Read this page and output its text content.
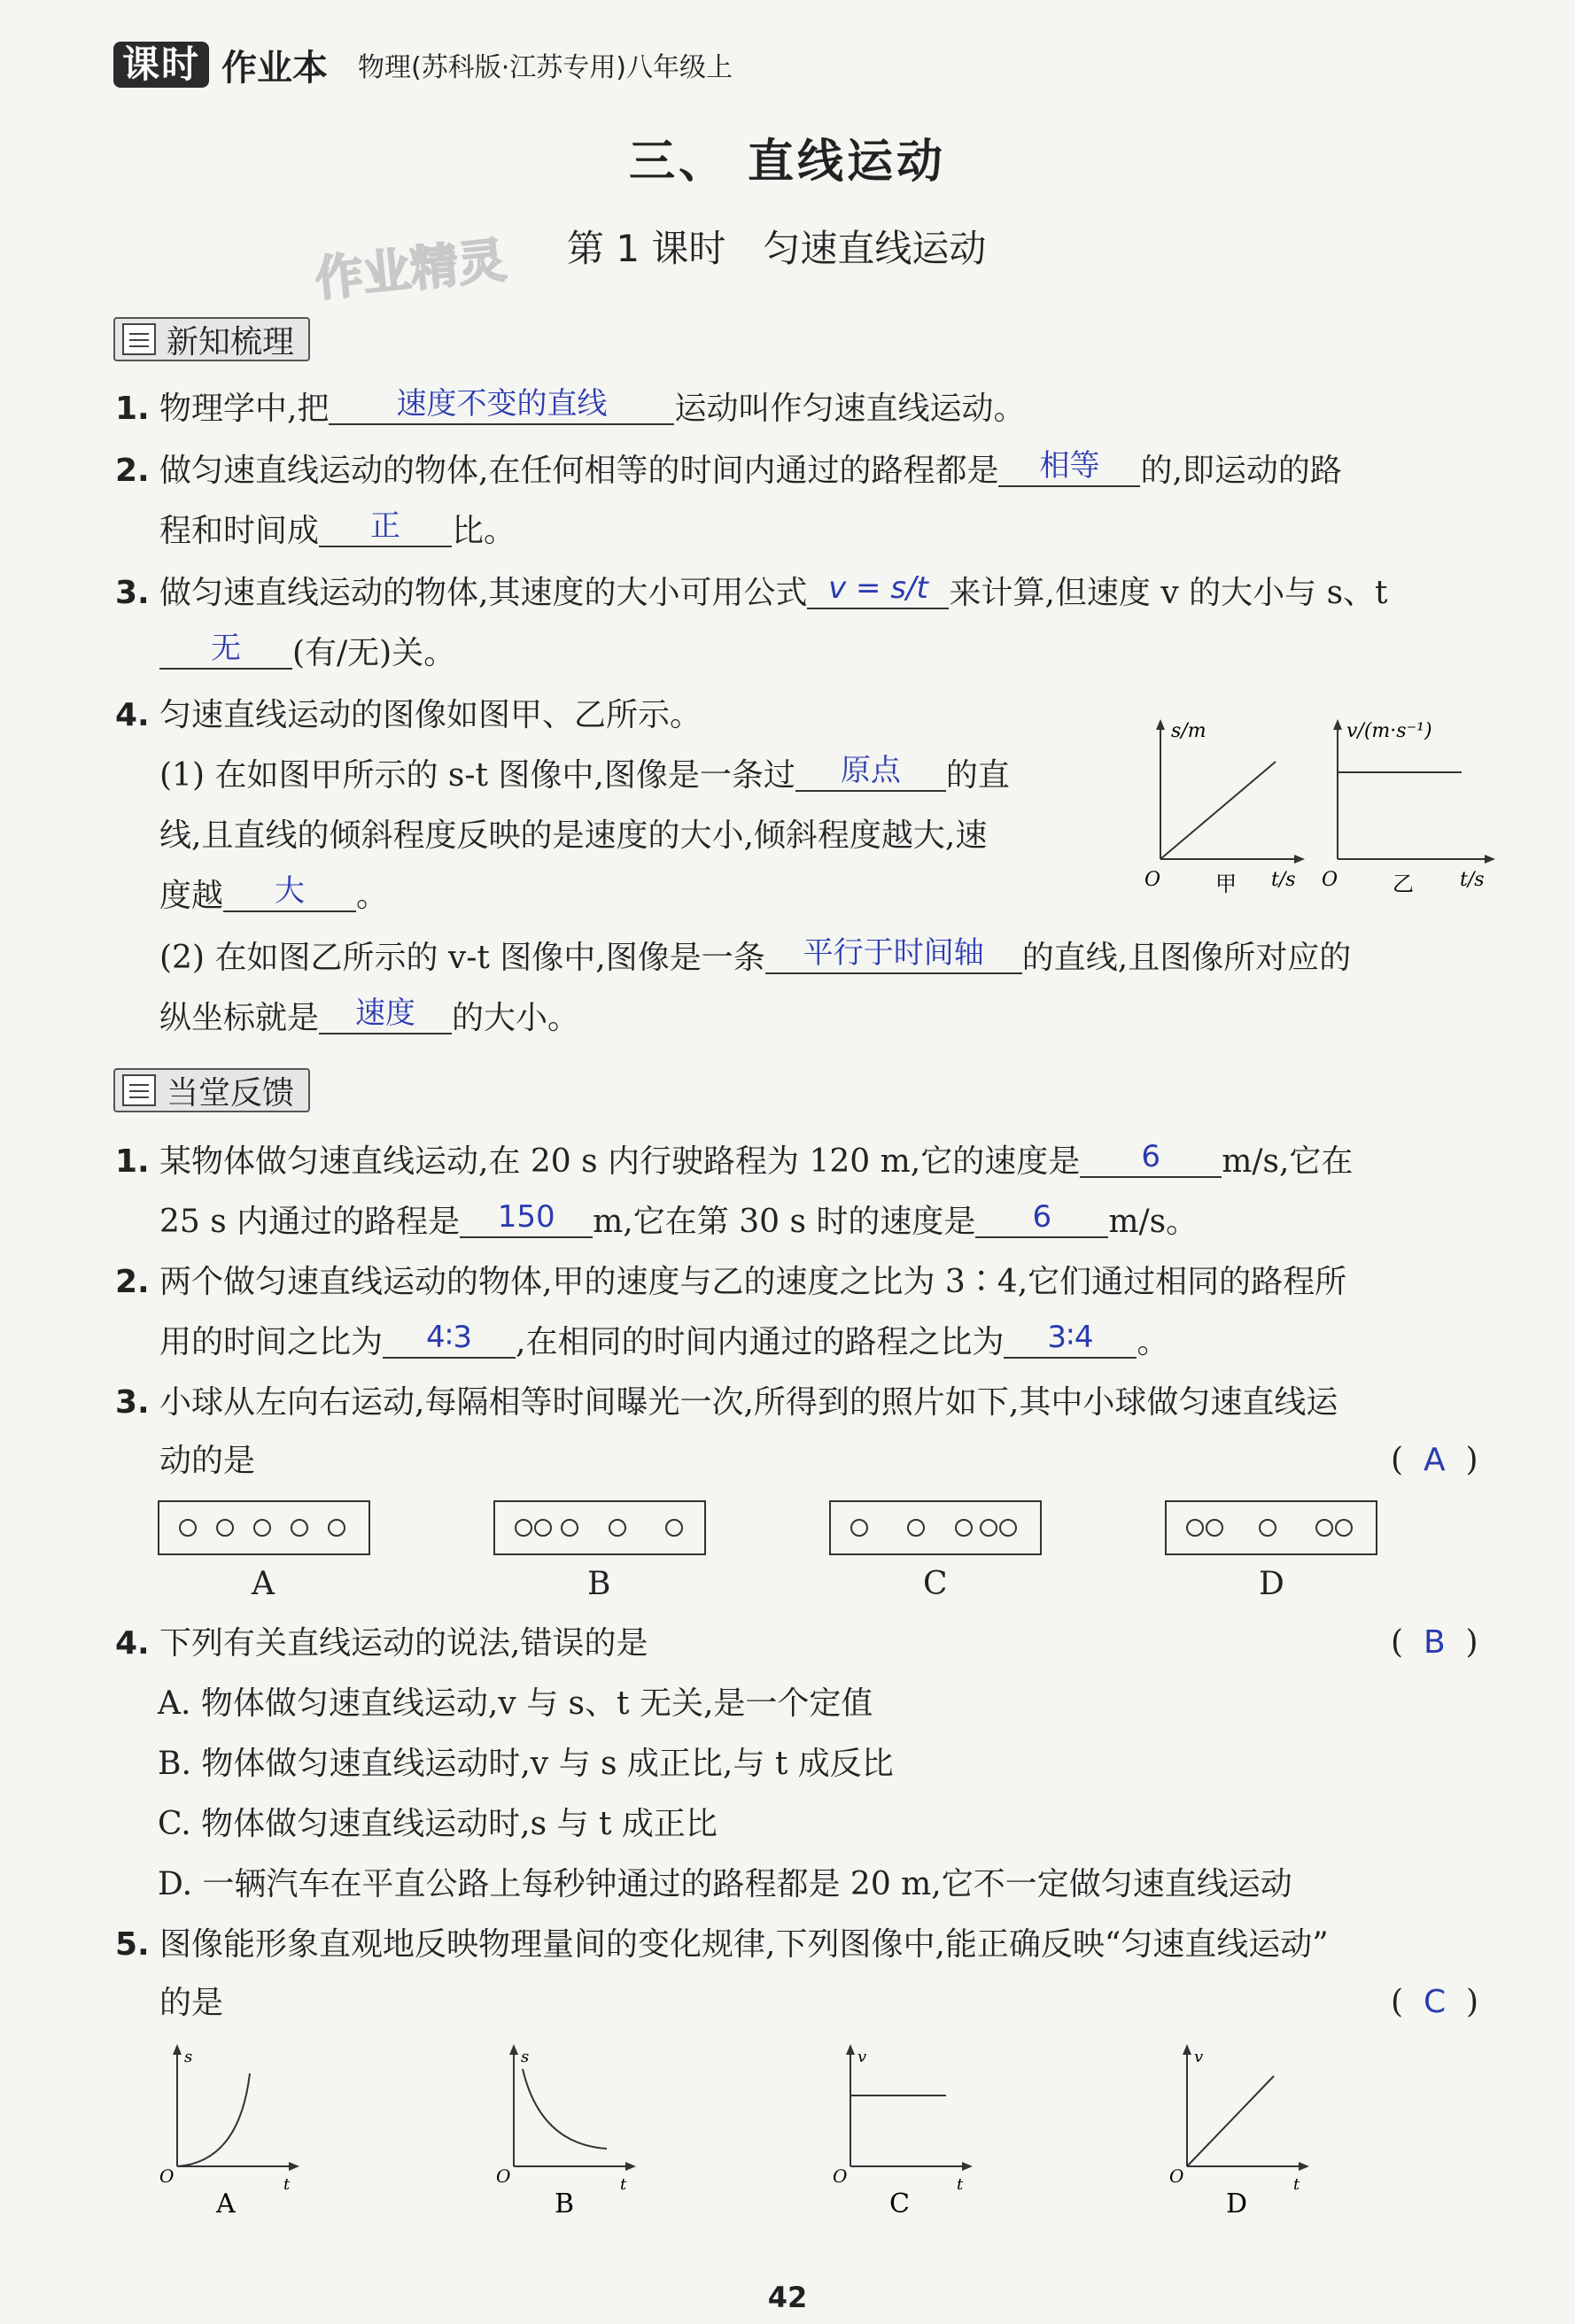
课时 作业本 物理(苏科版·江苏专用)八年级上
三、 直线运动
作业精灵 第 1 课时　匀速直线运动
新知梳理
1. 物理学中,把 速度不变的直线 运动叫作匀速直线运动。
2. 做匀速直线运动的物体,在任何相等的时间内通过的路程都是 相等 的,即运动的路
程和时间成 正 比。
3. 做匀速直线运动的物体,其速度的大小可用公式 v = s/t 来计算,但速度 v 的大小与 s、t
无 (有/无)关。
4. 匀速直线运动的图像如图甲、乙所示。
(1) 在如图甲所示的 s-t 图像中,图像是一条过 原点 的直
线,且直线的倾斜程度反映的是速度的大小,倾斜程度越大,速
度越 大 。
(2) 在如图乙所示的 v-t 图像中,图像是一条 平行于时间轴 的直线,且图像所对应的
纵坐标就是 速度 的大小。
s/m
t/s
O	甲
v/(m·s⁻¹)
t/s
O	乙
当堂反馈
1. 某物体做匀速直线运动,在 20 s 内行驶路程为 120 m,它的速度是 6 m/s,它在
25 s 内通过的路程是 150 m,它在第 30 s 时的速度是 6 m/s。
2. 两个做匀速直线运动的物体,甲的速度与乙的速度之比为 3∶4,它们通过相同的路程所
用的时间之比为 4∶3 ,在相同的时间内通过的路程之比为 3∶4 。
3. 小球从左向右运动,每隔相等时间曝光一次,所得到的照片如下,其中小球做匀速直线运
动的是	(  A  )
A	B	C	D
4. 下列有关直线运动的说法,错误的是	(  B  )
A. 物体做匀速直线运动,v 与 s、t 无关,是一个定值
B. 物体做匀速直线运动时,v 与 s 成正比,与 t 成反比
C. 物体做匀速直线运动时,s 与 t 成正比
D. 一辆汽车在平直公路上每秒钟通过的路程都是 20 m,它不一定做匀速直线运动
5. 图像能形象直观地反映物理量间的变化规律,下列图像中,能正确反映“匀速直线运动”
的是	(  C  )
s
t
O
A
s
t
O
B
v
t
O
C
v
t
O
D
42
